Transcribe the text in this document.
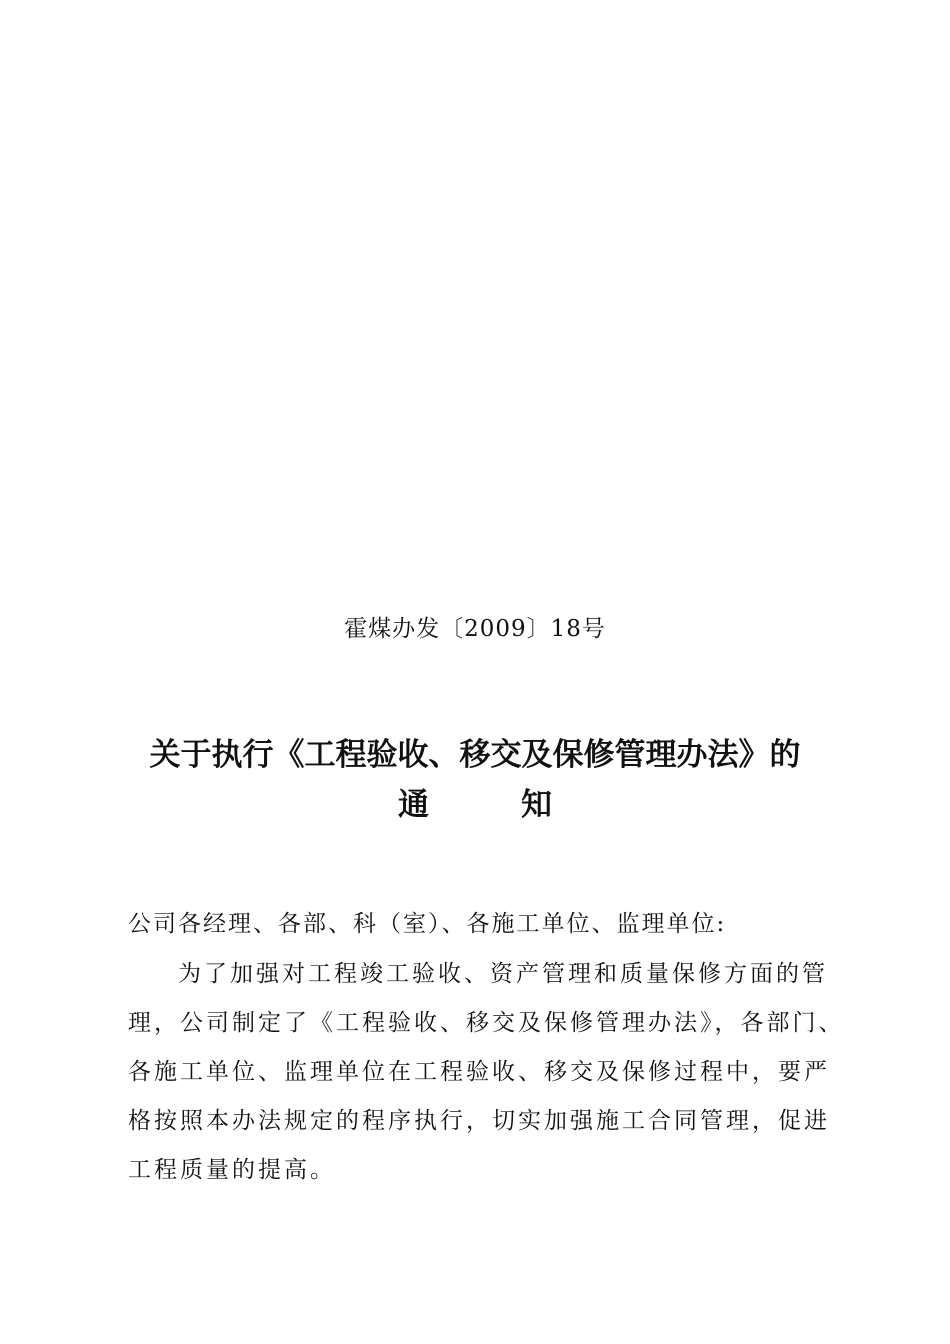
霍煤办发〔2009〕18号
关于执行《工程验收、移交及保修管理办法》的
通	知
公司各经理、各部、科（室）、各施工单位、监理单位:
为了加强对工程竣工验收、资产管理和质量保修方面的管
理，公司制定了《工程验收、移交及保修管理办法》，各部门、
各施工单位、监理单位在工程验收、移交及保修过程中，要严
格按照本办法规定的程序执行，切实加强施工合同管理，促进
工程质量的提高。
